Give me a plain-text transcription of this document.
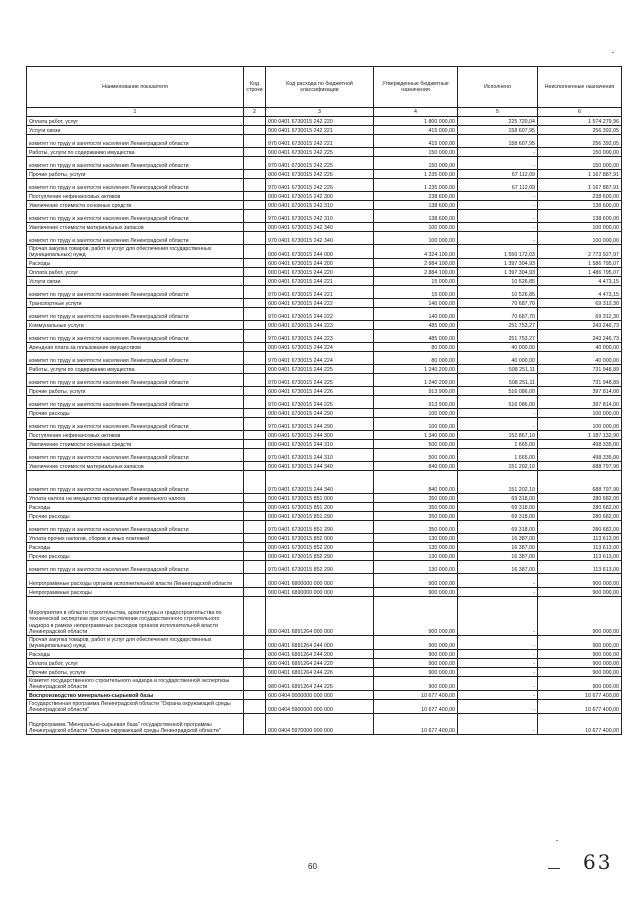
Наименование показателя	Код строки	Код расхода по бюджетной классификации	Утвержденные бюджетные назначения	Исполнено	Неисполненные назначения
1	2	3	4	5	6
Оплата работ, услуг		000 0401 6730015 242 220	1 800 000,00	225 720,04	1 574 279,96
Услуги связи		000 0401 6730015 242 221	415 000,00	158 607,95	256 392,05
комитет по труду и занятости населения Ленинградской области		970 0401 6730015 242 221	415 000,00	158 607,95	256 392,05
Работы, услуги по содержанию имущества		000 0401 6730015 242 225	150 000,00	-	150 000,00
комитет по труду и занятости населения Ленинградской области		970 0401 6730015 242 225	150 000,00	-	150 000,00
Прочие работы, услуги		000 0401 6730015 242 226	1 235 000,00	67 112,09	1 167 887,91
комитет по труду и занятости населения Ленинградской области		970 0401 6730015 242 226	1 235 000,00	67 112,09	1 167 887,91
Поступление нефинансовых активов		000 0401 6730015 242 300	238 600,00	-	238 600,00
Увеличение стоимости основных средств		000 0401 6730015 242 310	138 600,00	-	138 600,00
комитет по труду и занятости населения Ленинградской области		970 0401 6730015 242 310	138 600,00	-	138 600,00
Увеличение стоимости материальных запасов		000 0401 6730015 242 340	100 000,00	-	100 000,00
комитет по труду и занятости населения Ленинградской области		970 0401 6730015 242 340	100 000,00	-	100 000,00
Прочая закупка товаров, работ и услуг для обеспечения государственных (муниципальных) нужд		000 0401 6730015 244 000	4 324 100,00	1 550 172,03	2 773 927,97
Расходы		000 0401 6730015 244 200	2 984 100,00	1 397 304,93	1 586 795,07
Оплата работ, услуг		000 0401 6730015 244 220	2 884 100,00	1 397 304,93	1 486 795,07
Услуги связи		000 0401 6730015 244 221	15 000,00	10 526,85	4 473,15
комитет по труду и занятости населения Ленинградской области		970 0401 6730015 244 221	15 000,00	10 526,85	4 473,15
Транспортные услуги		000 0401 6730015 244 222	140 000,00	70 687,70	69 312,30
комитет по труду и занятости населения Ленинградской области		970 0401 6730015 244 222	140 000,00	70 687,70	69 312,30
Коммунальные услуги		000 0401 6730015 244 223	485 000,00	251 753,27	243 246,73
комитет по труду и занятости населения Ленинградской области		970 0401 6730015 244 223	485 000,00	251 753,27	243 246,73
Арендная плата за пользование имуществом		000 0401 6730015 244 224	80 000,00	40 000,00	40 000,00
комитет по труду и занятости населения Ленинградской области		970 0401 6730015 244 224	80 000,00	40 000,00	40 000,00
Работы, услуги по содержанию имущества		000 0401 6730015 244 225	1 240 200,00	508 251,11	731 948,89
комитет по труду и занятости населения Ленинградской области		970 0401 6730015 244 225	1 240 200,00	508 251,11	731 948,89
Прочие работы, услуги		000 0401 6730015 244 226	913 900,00	516 086,00	397 814,00
комитет по труду и занятости населения Ленинградской области		970 0401 6730015 244 226	913 900,00	516 086,00	397 814,00
Прочие расходы		000 0401 6730015 244 290	100 000,00	-	100 000,00
комитет по труду и занятости населения Ленинградской области		970 0401 6730015 244 290	100 000,00	-	100 000,00
Поступление нефинансовых активов		000 0401 6730015 244 300	1 340 000,00	152 867,10	1 187 132,90
Увеличение стоимости основных средств		000 0401 6730015 244 310	500 000,00	1 665,00	498 335,00
комитет по труду и занятости населения Ленинградской области		970 0401 6730015 244 310	500 000,00	1 665,00	498 335,00
Увеличение стоимости материальных запасов		000 0401 6730015 244 340	840 000,00	151 202,10	688 797,90
комитет по труду и занятости населения Ленинградской области		970 0401 6730015 244 340	840 000,00	151 202,10	688 797,90
Уплата налога на имущество организаций и земельного налога		000 0401 6730015 851 000	350 000,00	69 318,00	280 682,00
Расходы		000 0401 6730015 851 200	350 000,00	69 318,00	280 682,00
Прочие расходы		000 0401 6730015 851 290	350 000,00	69 318,00	280 682,00
комитет по труду и занятости населения Ленинградской области		970 0401 6730015 851 290	350 000,00	69 318,00	280 682,00
Уплата прочих налогов, сборов и иных платежей		000 0401 6730015 852 000	130 000,00	16 387,00	113 613,00
Расходы		000 0401 6730015 852 200	130 000,00	16 387,00	113 613,00
Прочие расходы		000 0401 6730015 852 290	130 000,00	16 387,00	113 613,00
комитет по труду и занятости населения Ленинградской области		970 0401 6730015 852 290	130 000,00	16 387,00	113 613,00
Непрограммные расходы органов исполнительной власти Ленинградской области		000 0401 6800000 000 000	900 000,00	-	900 000,00
Непрограммные расходы		000 0401 6890000 000 000	900 000,00	-	900 000,00
Мероприятия в области строительства, архитектуры и градостроительства по технической экспертизе при осуществлении государственного строительного надзора в рамках непрограммных расходов органов исполнительной власти Ленинградской области		000 0401 6891264 000 000	900 000,00	-	900 000,00
Прочая закупка товаров, работ и услуг для обеспечения государственных (муниципальных) нужд		000 0401 6891264 244 000	900 000,00	-	900 000,00
Расходы		000 0401 6891264 244 200	900 000,00	-	900 000,00
Оплата работ, услуг		000 0401 6891264 244 220	900 000,00	-	900 000,00
Прочие работы, услуги		000 0401 6891264 244 226	900 000,00	-	900 000,00
Комитет государственного строительного надзора и государственной экспертизы Ленинградской области		980 0401 6891264 244 226	900 000,00	-	900 000,00
Воспроизводство минерально-сырьевой базы		000 0404 0000000 000 000	10 677 400,00	-	10 677 400,00
Государственная программа Ленинградской области "Охрана окружающей среды Ленинградской области"		000 0404 5900000 000 000	10 677 400,00	-	10 677 400,00
Подпрограмма "Минерально-сырьевая база" государственной программы Ленинградской области "Охрана окружающей среды Ленинградской области"		000 0404 5970000 000 000	10 677 400,00	-	10 677 400,00
60	63
